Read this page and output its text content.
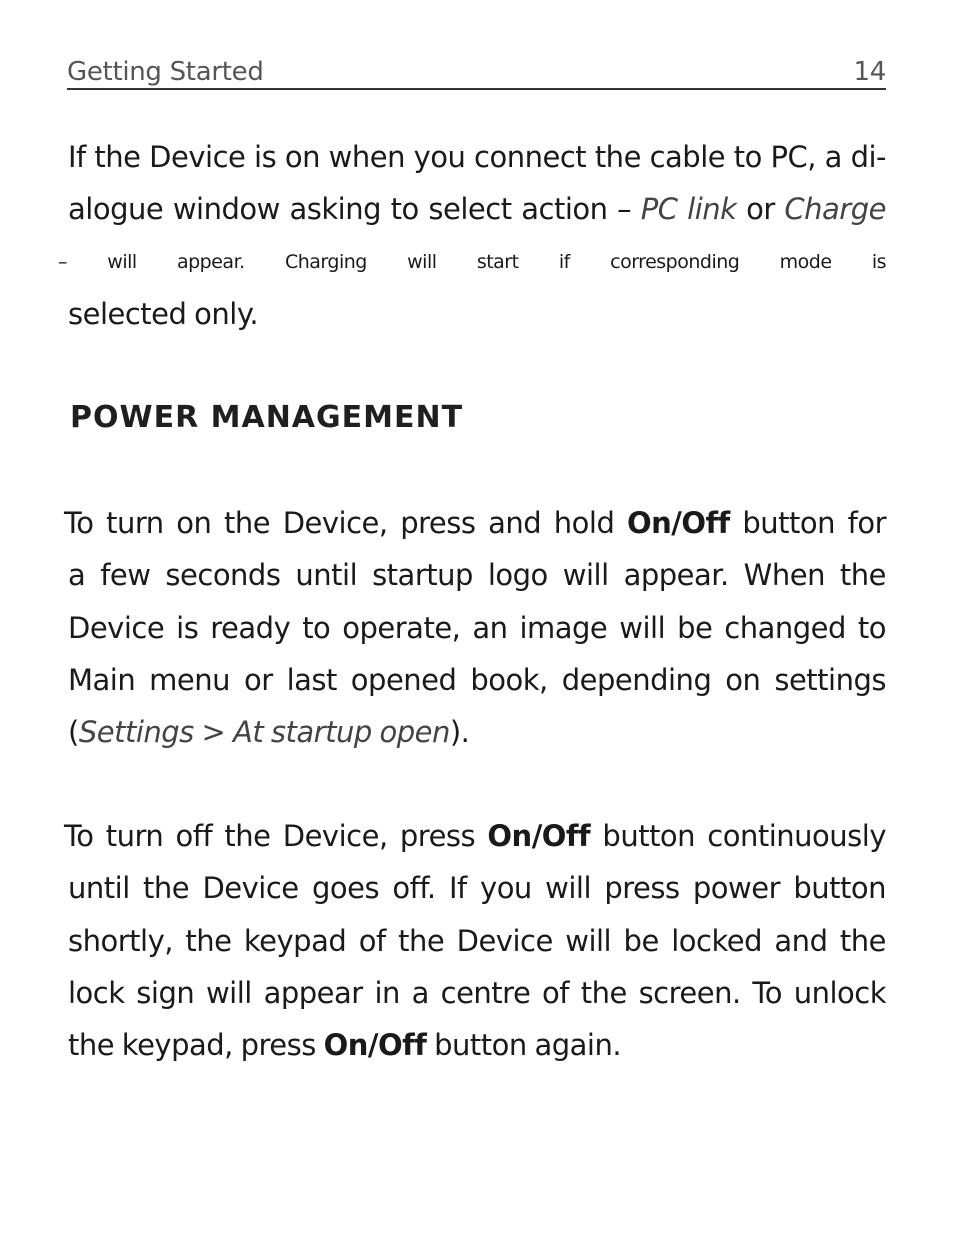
Getting Started	14
If the Device is on when you connect the cable to PC, a di-
alogue window asking to select action – PC link or Charge
– will appear. Charging will start if corresponding mode is
selected only.
POWER MANAGEMENT
To turn on the Device, press and hold On/Off button for
a few seconds until startup logo will appear. When the
Device is ready to operate, an image will be changed to
Main menu or last opened book, depending on settings
(Settings > At startup open).
To turn off the Device, press On/Off button continuously
until the Device goes off. If you will press power button
shortly, the keypad of the Device will be locked and the
lock sign will appear in a centre of the screen. To unlock
the keypad, press On/Off button again.
